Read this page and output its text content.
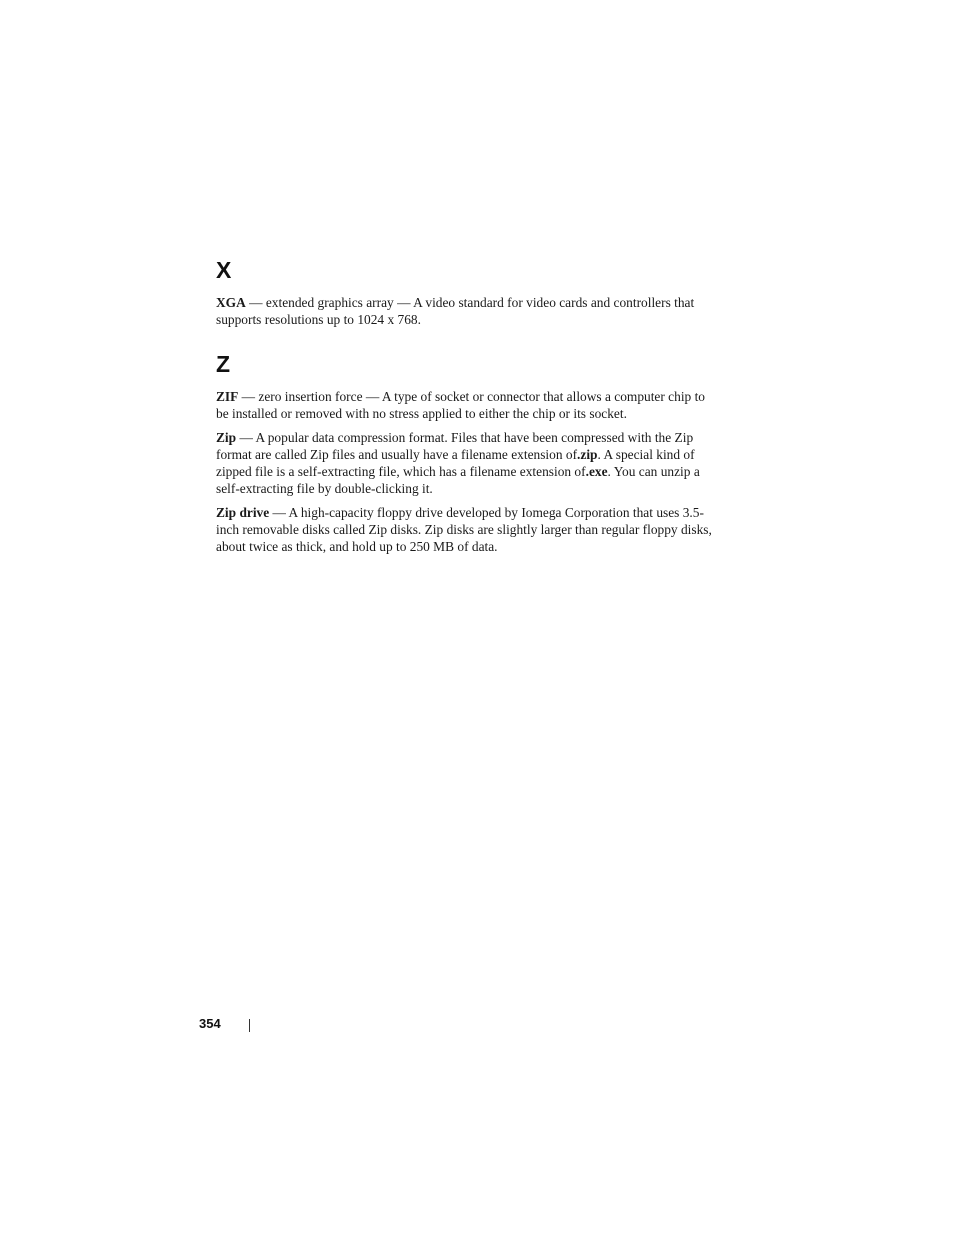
X

XGA — extended graphics array — A video standard for video cards and controllers that supports resolutions up to 1024 x 768.

Z

ZIF — zero insertion force — A type of socket or connector that allows a computer chip to be installed or removed with no stress applied to either the chip or its socket.

Zip — A popular data compression format. Files that have been compressed with the Zip format are called Zip files and usually have a filename extension of.zip. A special kind of zipped file is a self-extracting file, which has a filename extension of.exe. You can unzip a self-extracting file by double-clicking it.

Zip drive — A high-capacity floppy drive developed by Iomega Corporation that uses 3.5-inch removable disks called Zip disks. Zip disks are slightly larger than regular floppy disks, about twice as thick, and hold up to 250 MB of data.

354
